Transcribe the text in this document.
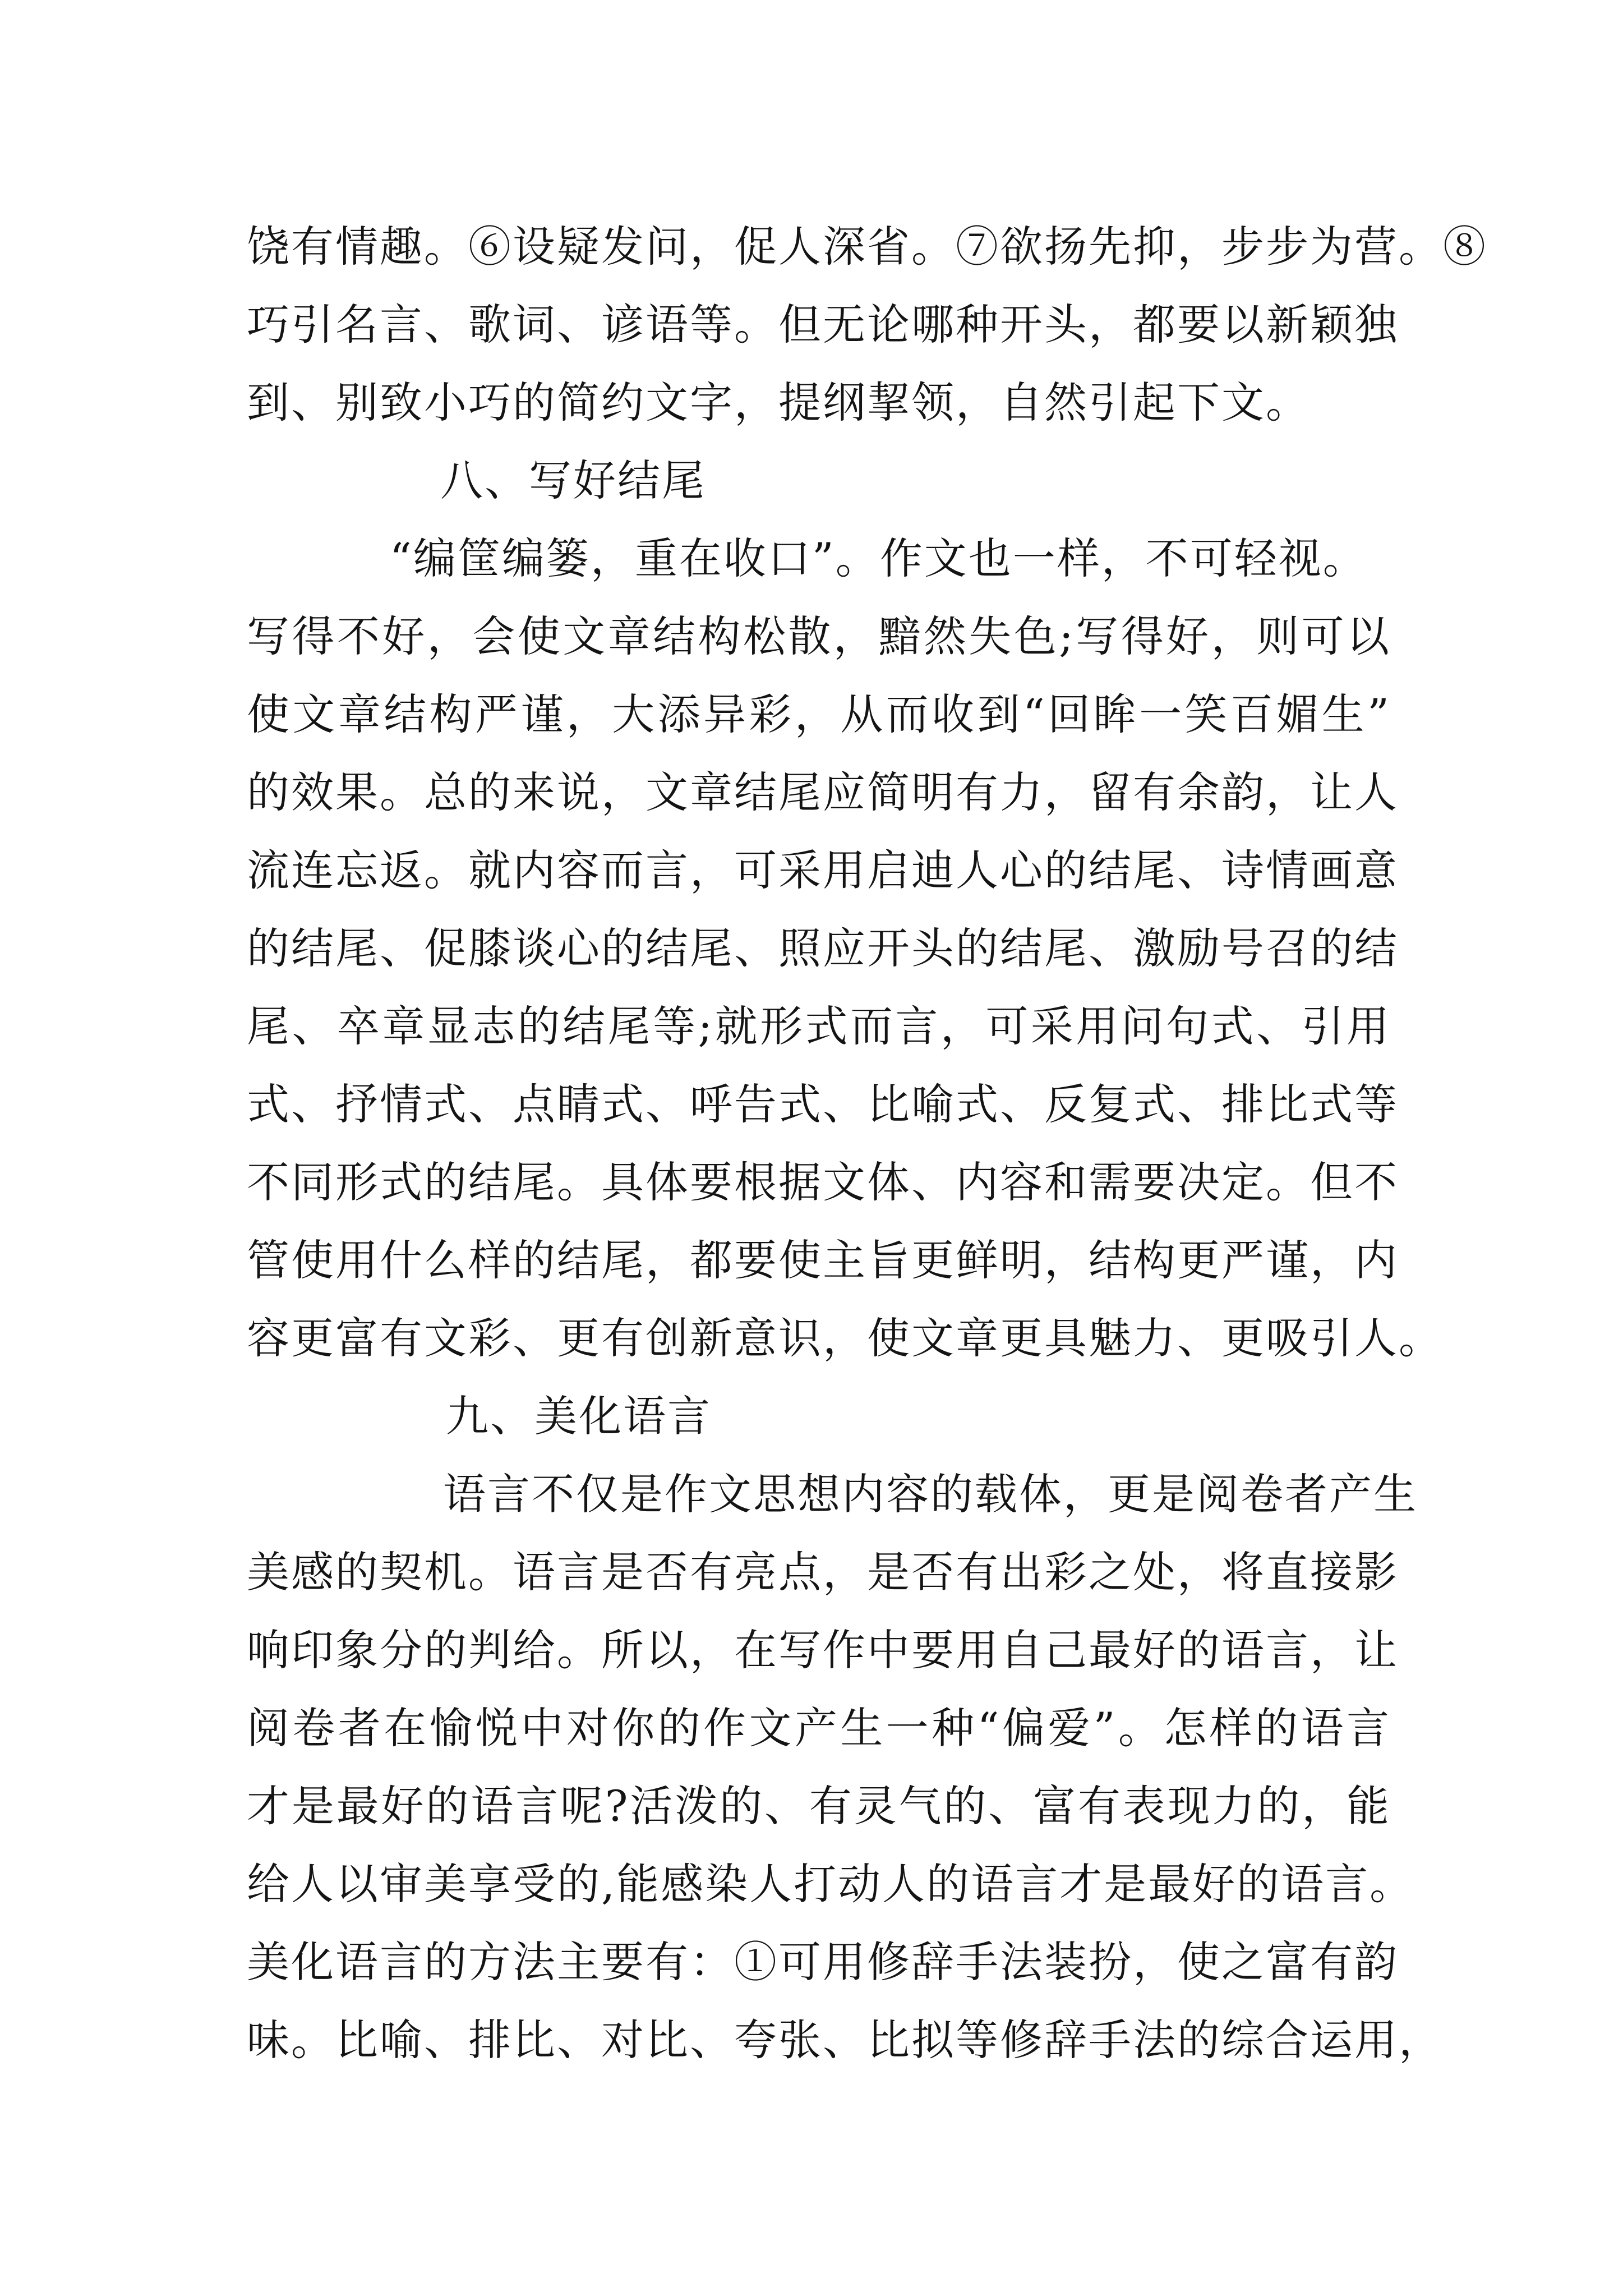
饶有情趣。⑥设疑发问，促人深省。⑦欲扬先抑，步步为营。⑧
巧引名言、歌词、谚语等。但无论哪种开头，都要以新颖独
到、别致小巧的简约文字，提纲挈领，自然引起下文。
八、写好结尾
“编筐编篓，重在收口”。作文也一样，不可轻视。
写得不好，会使文章结构松散，黯然失色;写得好，则可以
使文章结构严谨，大添异彩，从而收到“回眸一笑百媚生”
的效果。总的来说，文章结尾应简明有力，留有余韵，让人
流连忘返。就内容而言，可采用启迪人心的结尾、诗情画意
的结尾、促膝谈心的结尾、照应开头的结尾、激励号召的结
尾、卒章显志的结尾等;就形式而言，可采用问句式、引用
式、抒情式、点睛式、呼告式、比喻式、反复式、排比式等
不同形式的结尾。具体要根据文体、内容和需要决定。但不
管使用什么样的结尾，都要使主旨更鲜明，结构更严谨，内
容更富有文彩、更有创新意识，使文章更具魅力、更吸引人。
九、美化语言
语言不仅是作文思想内容的载体，更是阅卷者产生
美感的契机。语言是否有亮点，是否有出彩之处，将直接影
响印象分的判给。所以，在写作中要用自己最好的语言，让
阅卷者在愉悦中对你的作文产生一种“偏爱”。怎样的语言
才是最好的语言呢?活泼的、有灵气的、富有表现力的，能
给人以审美享受的,能感染人打动人的语言才是最好的语言。
美化语言的方法主要有：①可用修辞手法装扮，使之富有韵
味。比喻、排比、对比、夸张、比拟等修辞手法的综合运用，
